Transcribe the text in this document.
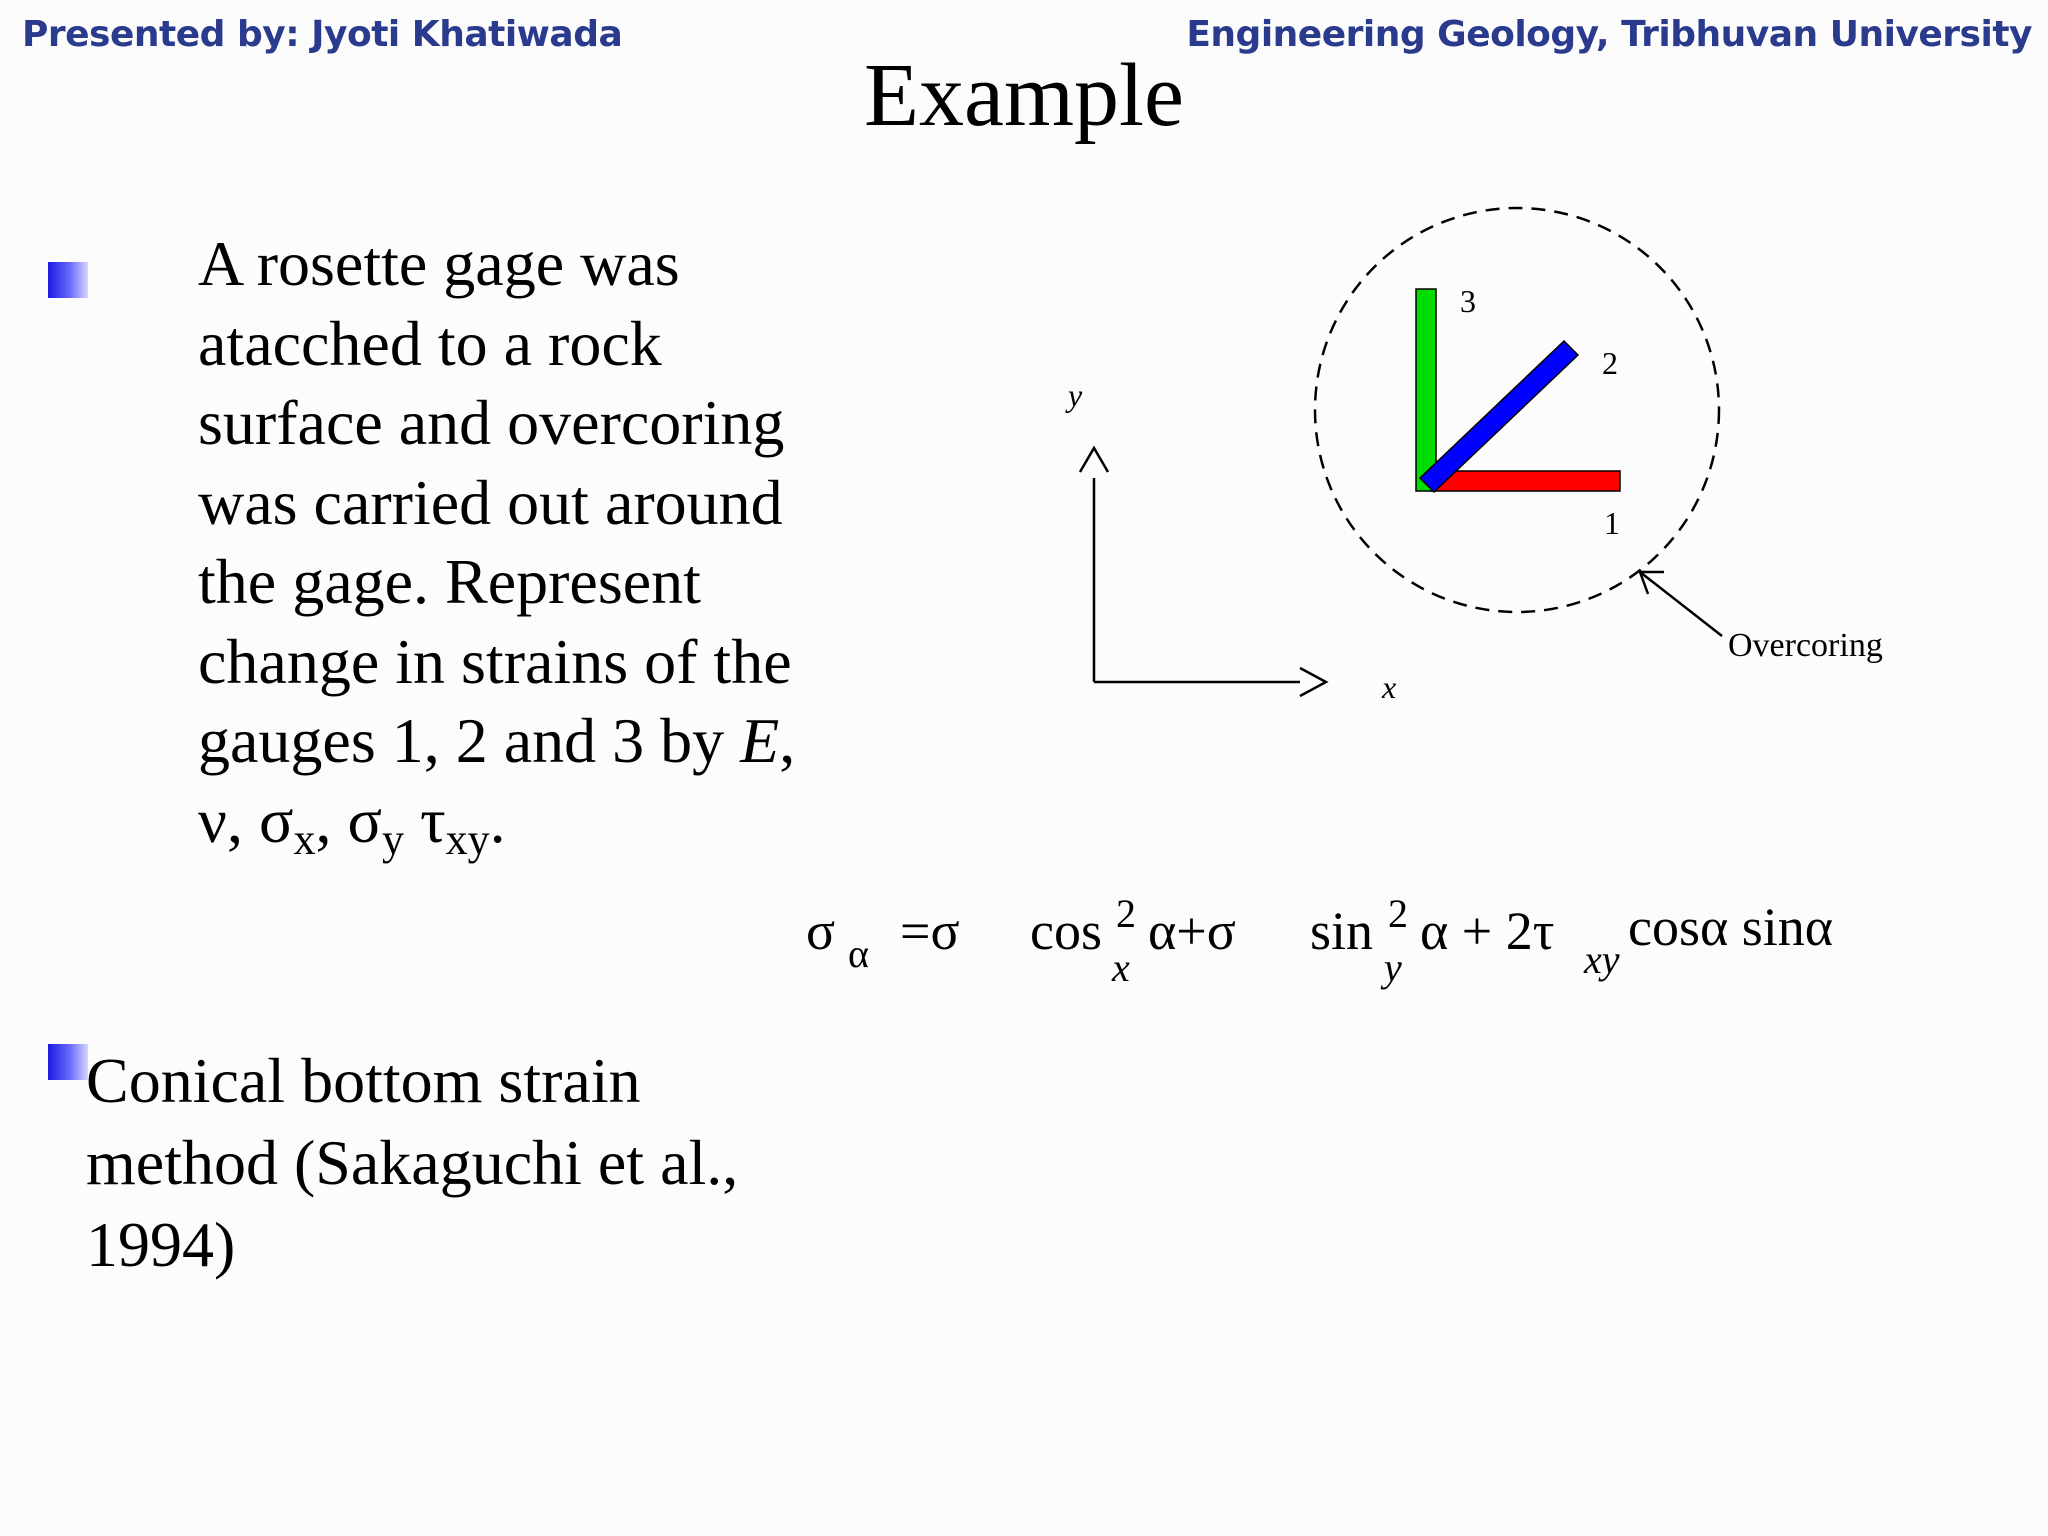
Presented by: Jyoti Khatiwada	Engineering Geology, Tribhuvan University
Example
A rosette gage was
atacched to a rock
surface and overcoring
was carried out around
the gage. Represent
change in strains of the
gauges 1, 2 and 3 by E,
ν, $\sigma_x$, $\sigma_y$ $\tau_{xy}$.
Conical bottom strain
method (Sakaguchi et al.,
1994)
y
x
3
2
1
Overcoring
σ α =σ cos 2
x
α+σ sin 2
y
α + 2τ xy
cosα sinα
